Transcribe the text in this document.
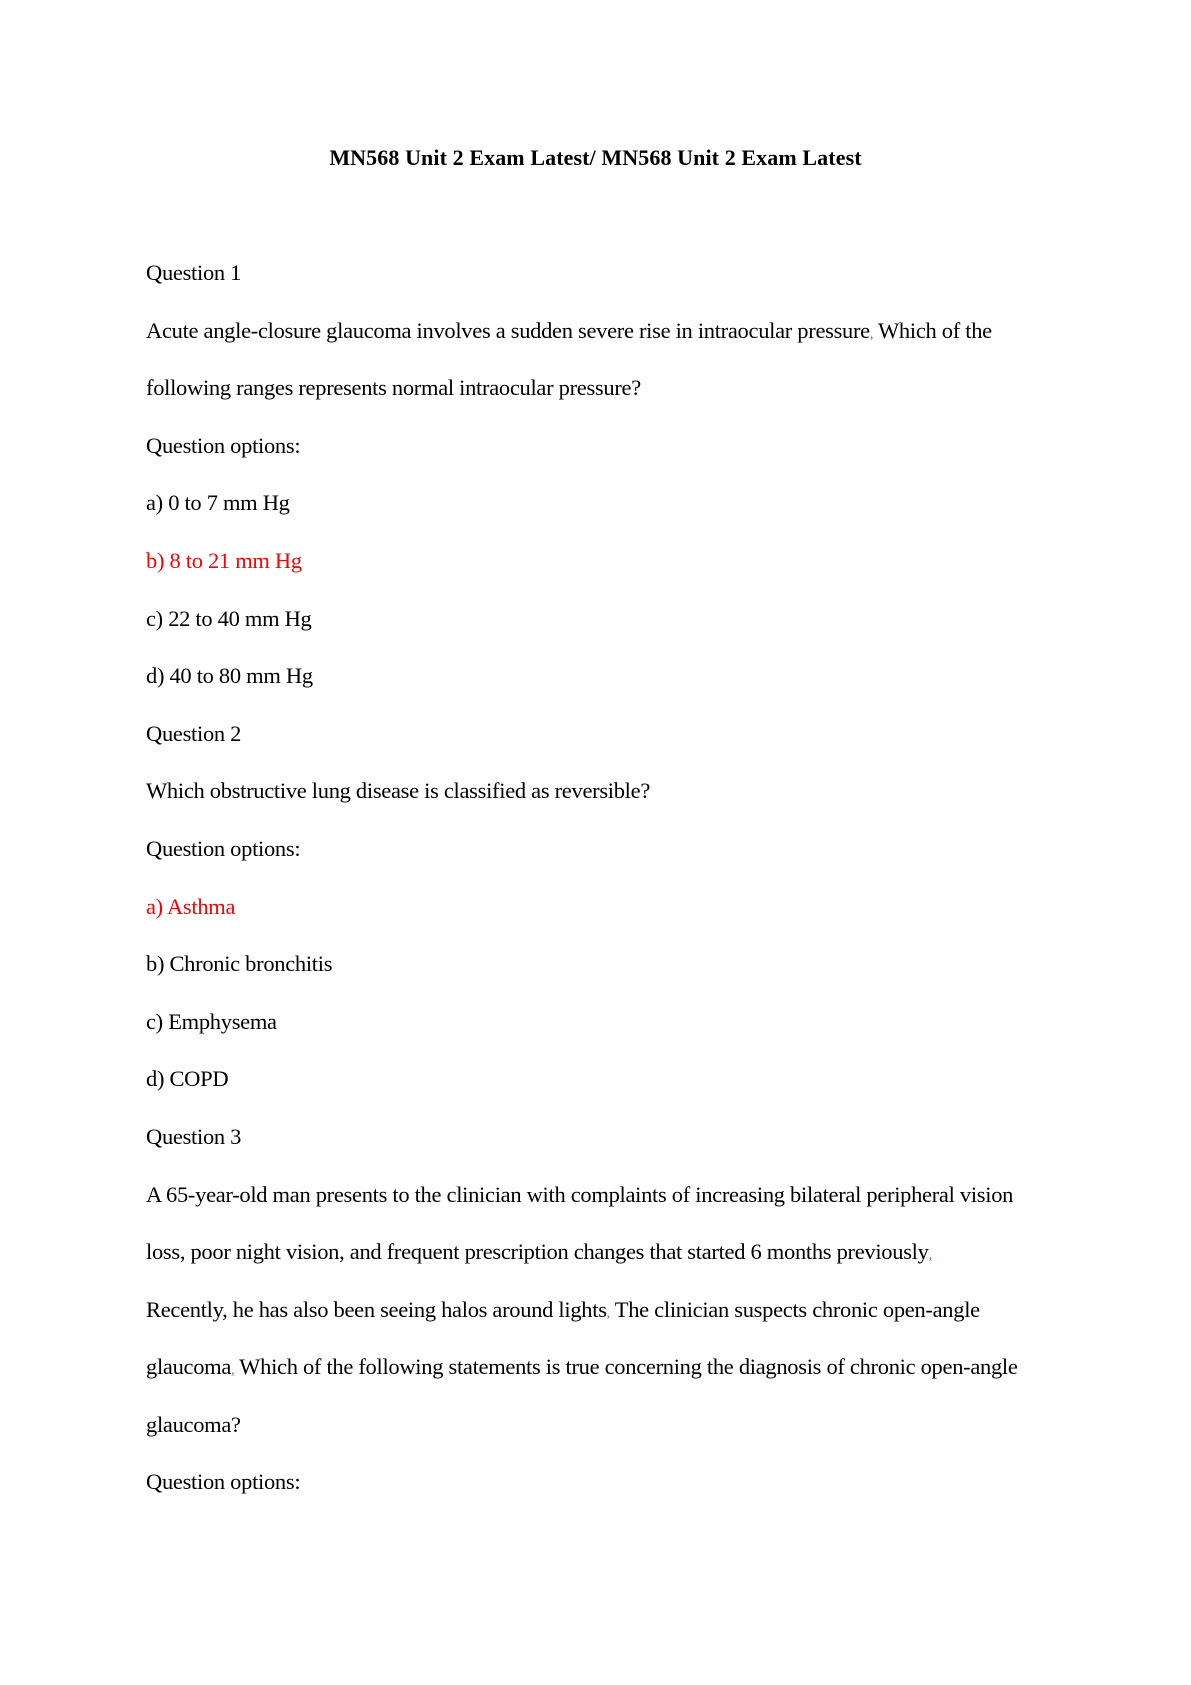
MN568 Unit 2 Exam Latest/ MN568 Unit 2 Exam Latest
Question 1
Acute angle-closure glaucoma involves a sudden severe rise in intraocular pressure, Which of the
following ranges represents normal intraocular pressure?
Question options:
a) 0 to 7 mm Hg
b) 8 to 21 mm Hg
c) 22 to 40 mm Hg
d) 40 to 80 mm Hg
Question 2
Which obstructive lung disease is classified as reversible?
Question options:
a) Asthma
b) Chronic bronchitis
c) Emphysema
d) COPD
Question 3
A 65-year-old man presents to the clinician with complaints of increasing bilateral peripheral vision
loss, poor night vision, and frequent prescription changes that started 6 months previously,
Recently, he has also been seeing halos around lights, The clinician suspects chronic open-angle
glaucoma, Which of the following statements is true concerning the diagnosis of chronic open-angle
glaucoma?
Question options:
